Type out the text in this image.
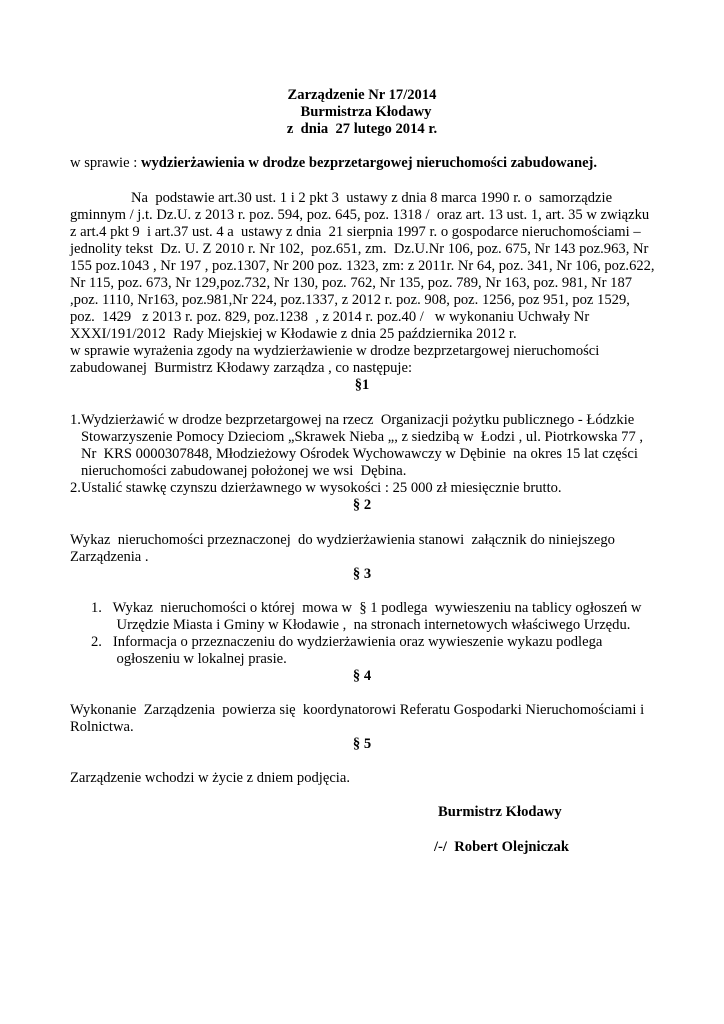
Zarządzenie Nr 17/2014
Burmistrza Kłodawy
z  dnia  27 lutego 2014 r.
w sprawie : wydzierżawienia w drodze bezprzetargowej nieruchomości zabudowanej.
Na  podstawie art.30 ust. 1 i 2 pkt 3  ustawy z dnia 8 marca 1990 r. o  samorządzie
gminnym / j.t. Dz.U. z 2013 r. poz. 594, poz. 645, poz. 1318 /  oraz art. 13 ust. 1, art. 35 w związku
z art.4 pkt 9  i art.37 ust. 4 a  ustawy z dnia  21 sierpnia 1997 r. o gospodarce nieruchomościami –
jednolity tekst  Dz. U. Z 2010 r. Nr 102,  poz.651, zm.  Dz.U.Nr 106, poz. 675, Nr 143 poz.963, Nr
155 poz.1043 , Nr 197 , poz.1307, Nr 200 poz. 1323, zm: z 2011r. Nr 64, poz. 341, Nr 106, poz.622,
Nr 115, poz. 673, Nr 129,poz.732, Nr 130, poz. 762, Nr 135, poz. 789, Nr 163, poz. 981, Nr 187
,poz. 1110, Nr163, poz.981,Nr 224, poz.1337, z 2012 r. poz. 908, poz. 1256, poz 951, poz 1529,
poz.  1429   z 2013 r. poz. 829, poz.1238  , z 2014 r. poz.40 /   w wykonaniu Uchwały Nr
XXXI/191/2012  Rady Miejskiej w Kłodawie z dnia 25 października 2012 r.
w sprawie wyrażenia zgody na wydzierżawienie w drodze bezprzetargowej nieruchomości
zabudowanej  Burmistrz Kłodawy zarządza , co następuje:
§1
1.Wydzierżawić w drodze bezprzetargowej na rzecz  Organizacji pożytku publicznego - Łódzkie
Stowarzyszenie Pomocy Dzieciom „Skrawek Nieba „, z siedzibą w  Łodzi , ul. Piotrkowska 77 ,
Nr  KRS 0000307848, Młodzieżowy Ośrodek Wychowawczy w Dębinie  na okres 15 lat części
nieruchomości zabudowanej położonej we wsi  Dębina.
2.Ustalić stawkę czynszu dzierżawnego w wysokości : 25 000 zł miesięcznie brutto.
§ 2
Wykaz  nieruchomości przeznaczonej  do wydzierżawienia stanowi  załącznik do niniejszego
Zarządzenia .
§ 3
1.   Wykaz  nieruchomości o której  mowa w  § 1 podlega  wywieszeniu na tablicy ogłoszeń w
Urzędzie Miasta i Gminy w Kłodawie ,  na stronach internetowych właściwego Urzędu.
2.   Informacja o przeznaczeniu do wydzierżawienia oraz wywieszenie wykazu podlega
ogłoszeniu w lokalnej prasie.
§ 4
Wykonanie  Zarządzenia  powierza się  koordynatorowi Referatu Gospodarki Nieruchomościami i
Rolnictwa.
§ 5
Zarządzenie wchodzi w życie z dniem podjęcia.
Burmistrz Kłodawy
/-/  Robert Olejniczak
